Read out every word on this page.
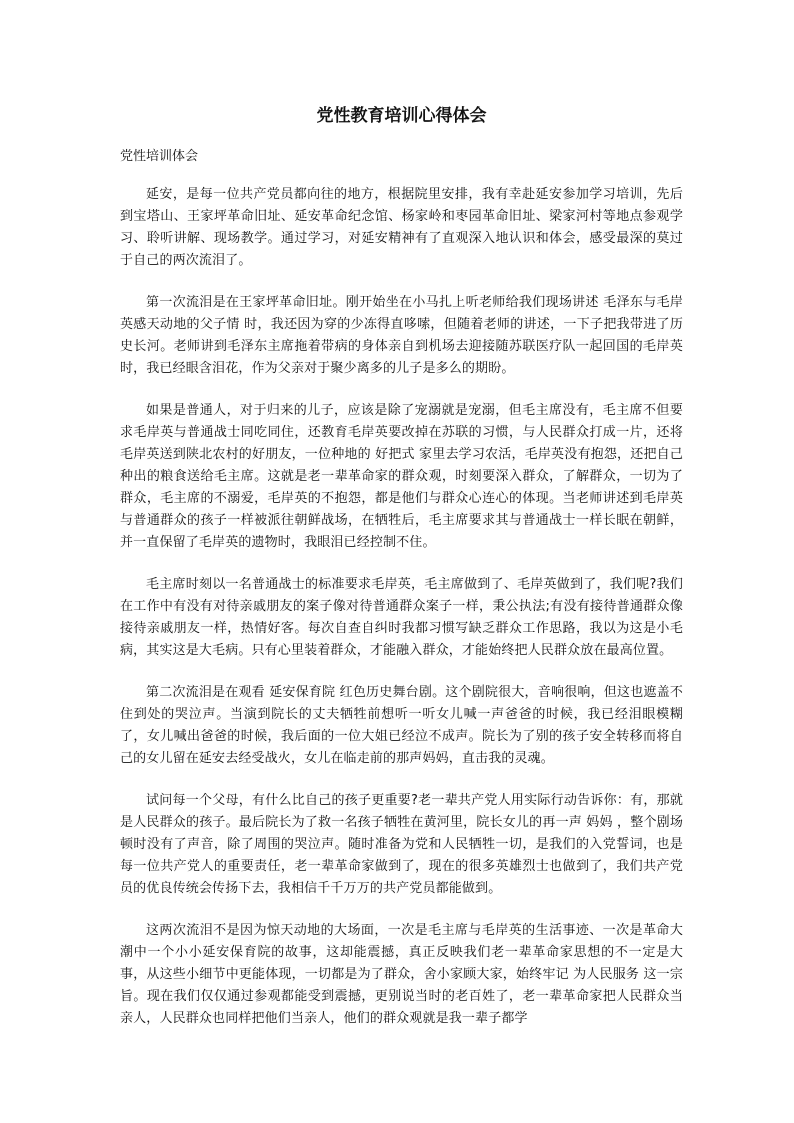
党性教育培训心得体会
党性培训体会

延安，是每一位共产党员都向往的地方，根据院里安排，我有幸赴延安参加学习培训，先后到宝塔山、王家坪革命旧址、延安革命纪念馆、杨家岭和枣园革命旧址、梁家河村等地点参观学习、聆听讲解、现场教学。通过学习，对延安精神有了直观深入地认识和体会，感受最深的莫过于自己的两次流泪了。

第一次流泪是在王家坪革命旧址。刚开始坐在小马扎上听老师给我们现场讲述 毛泽东与毛岸英感天动地的父子情 时，我还因为穿的少冻得直哆嗦，但随着老师的讲述，一下子把我带进了历史长河。老师讲到毛泽东主席拖着带病的身体亲自到机场去迎接随苏联医疗队一起回国的毛岸英时，我已经眼含泪花，作为父亲对于聚少离多的儿子是多么的期盼。

如果是普通人，对于归来的儿子，应该是除了宠溺就是宠溺，但毛主席没有，毛主席不但要求毛岸英与普通战士同吃同住，还教育毛岸英要改掉在苏联的习惯，与人民群众打成一片，还将毛岸英送到陕北农村的好朋友，一位种地的 好把式 家里去学习农活，毛岸英没有抱怨，还把自己种出的粮食送给毛主席。这就是老一辈革命家的群众观，时刻要深入群众，了解群众，一切为了群众，毛主席的不溺爱，毛岸英的不抱怨，都是他们与群众心连心的体现。当老师讲述到毛岸英与普通群众的孩子一样被派往朝鲜战场，在牺牲后，毛主席要求其与普通战士一样长眠在朝鲜，并一直保留了毛岸英的遗物时，我眼泪已经控制不住。

毛主席时刻以一名普通战士的标准要求毛岸英，毛主席做到了、毛岸英做到了，我们呢?我们在工作中有没有对待亲戚朋友的案子像对待普通群众案子一样，秉公执法;有没有接待普通群众像接待亲戚朋友一样，热情好客。每次自查自纠时我都习惯写缺乏群众工作思路，我以为这是小毛病，其实这是大毛病。只有心里装着群众，才能融入群众，才能始终把人民群众放在最高位置。

第二次流泪是在观看 延安保育院 红色历史舞台剧。这个剧院很大，音响很响，但这也遮盖不住到处的哭泣声。当演到院长的丈夫牺牲前想听一听女儿喊一声爸爸的时候，我已经泪眼模糊了，女儿喊出爸爸的时候，我后面的一位大姐已经泣不成声。院长为了别的孩子安全转移而将自己的女儿留在延安去经受战火，女儿在临走前的那声妈妈，直击我的灵魂。

试问每一个父母，有什么比自己的孩子更重要?老一辈共产党人用实际行动告诉你：有，那就是人民群众的孩子。最后院长为了救一名孩子牺牲在黄河里，院长女儿的再一声 妈妈 ，整个剧场顿时没有了声音，除了周围的哭泣声。随时准备为党和人民牺牲一切，是我们的入党誓词，也是每一位共产党人的重要责任，老一辈革命家做到了，现在的很多英雄烈士也做到了，我们共产党员的优良传统会传扬下去，我相信千千万万的共产党员都能做到。

这两次流泪不是因为惊天动地的大场面，一次是毛主席与毛岸英的生活事迹、一次是革命大潮中一个小小延安保育院的故事，这却能震撼，真正反映我们老一辈革命家思想的不一定是大事，从这些小细节中更能体现，一切都是为了群众，舍小家顾大家，始终牢记 为人民服务 这一宗旨。现在我们仅仅通过参观都能受到震撼，更别说当时的老百姓了，老一辈革命家把人民群众当亲人，人民群众也同样把他们当亲人，他们的群众观就是我一辈子都学
